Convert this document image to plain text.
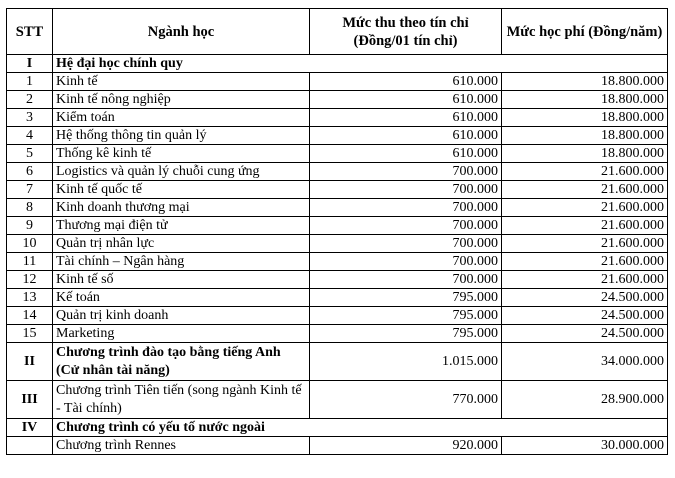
STT	Ngành học	Mức thu theo tín chỉ (Đồng/01 tín chỉ)	Mức học phí (Đồng/năm)
I	Hệ đại học chính quy		
1	Kinh tế	610.000	18.800.000
2	Kinh tế nông nghiệp	610.000	18.800.000
3	Kiểm toán	610.000	18.800.000
4	Hệ thống thông tin quản lý	610.000	18.800.000
5	Thống kê kinh tế	610.000	18.800.000
6	Logistics và quản lý chuỗi cung ứng	700.000	21.600.000
7	Kinh tế quốc tế	700.000	21.600.000
8	Kinh doanh thương mại	700.000	21.600.000
9	Thương mại điện tử	700.000	21.600.000
10	Quản trị nhân lực	700.000	21.600.000
11	Tài chính – Ngân hàng	700.000	21.600.000
12	Kinh tế số	700.000	21.600.000
13	Kế toán	795.000	24.500.000
14	Quản trị kinh doanh	795.000	24.500.000
15	Marketing	795.000	24.500.000
II	Chương trình đào tạo bằng tiếng Anh (Cử nhân tài năng)	1.015.000	34.000.000
III	Chương trình Tiên tiến (song ngành Kinh tế - Tài chính)	770.000	28.900.000
IV	Chương trình có yếu tố nước ngoài		
	Chương trình Rennes	920.000	30.000.000
